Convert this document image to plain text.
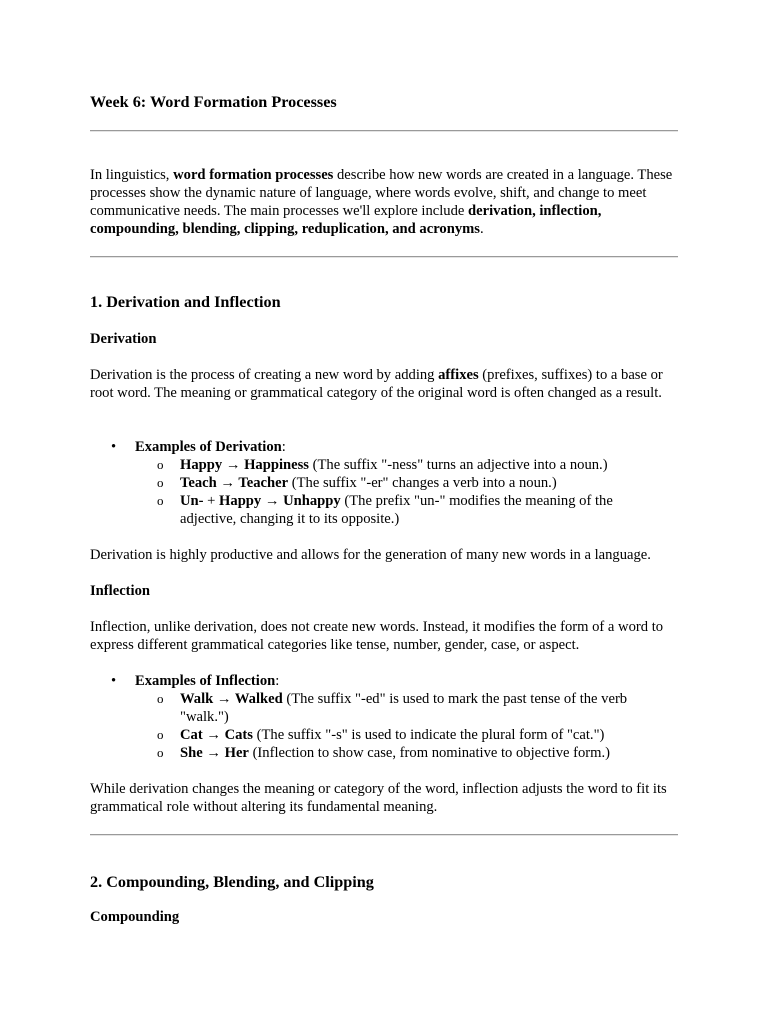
Week 6: Word Formation Processes

In linguistics, word formation processes describe how new words are created in a language. These processes show the dynamic nature of language, where words evolve, shift, and change to meet communicative needs. The main processes we'll explore include derivation, inflection, compounding, blending, clipping, reduplication, and acronyms.

1. Derivation and Inflection
Derivation

Derivation is the process of creating a new word by adding affixes (prefixes, suffixes) to a base or root word. The meaning or grammatical category of the original word is often changed as a result.

• Examples of Derivation:
o Happy → Happiness (The suffix "-ness" turns an adjective into a noun.)
o Teach → Teacher (The suffix "-er" changes a verb into a noun.)
o Un- + Happy → Unhappy (The prefix "un-" modifies the meaning of the adjective, changing it to its opposite.)

Derivation is highly productive and allows for the generation of many new words in a language.

Inflection

Inflection, unlike derivation, does not create new words. Instead, it modifies the form of a word to express different grammatical categories like tense, number, gender, case, or aspect.

• Examples of Inflection:
o Walk → Walked (The suffix "-ed" is used to mark the past tense of the verb "walk.")
o Cat → Cats (The suffix "-s" is used to indicate the plural form of "cat.")
o She → Her (Inflection to show case, from nominative to objective form.)

While derivation changes the meaning or category of the word, inflection adjusts the word to fit its grammatical role without altering its fundamental meaning.

2. Compounding, Blending, and Clipping
Compounding
